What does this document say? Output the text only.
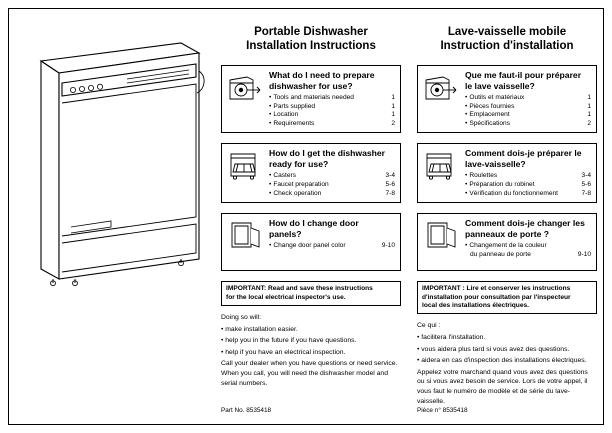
Portable Dishwasher
Installation Instructions
What do I need to prepare
dishwasher for use?
• Tools and materials needed	1
• Parts supplied	1
• Location	1
• Requirements	2
How do I get the dishwasher
ready for use?
• Casters	3-4
• Faucet preparation	5-6
• Check operation	7-8
How do I change door
panels?
• Change door panel color	9-10
IMPORTANT: Read and save these instructions
for the local electrical inspector's use.

Doing so will:

• make installation easier.

• help you in the future if you have questions.

• help if you have an electrical inspection.

Call your dealer when you have questions or need service. When you call, you will need the dishwasher model and serial numbers.

Lave-vaisselle mobile
Instruction d'installation
Que me faut-il pour préparer
le lave vaisselle?
• Outils et matériaux	1
• Pièces fournies	1
• Emplacement	1
• Spécifications	2
Comment dois-je préparer le
lave-vaisselle?
• Roulettes	3-4
• Préparation du robinet	5-6
• Vérification du fonctionnement	7-8
Comment dois-je changer les
panneaux de porte ?
• Changement de la couleur
du panneau de porte	9-10
IMPORTANT : Lire et conserver les instructions
d'installation pour consultation par l'inspecteur
local des installations électriques.

Ce qui :

• facilitera l'installation.

• vous aidera plus tard si vous avez des questions.

• aidera en cas d'inspection des installations électriques.

Appelez votre marchand quand vous avez des questions ou si vous avez besoin de service. Lors de votre appel, il vous faut le numéro de modèle et de série du lave-vaisselle.

Part No. 8535418	Pièce n° 8535418
